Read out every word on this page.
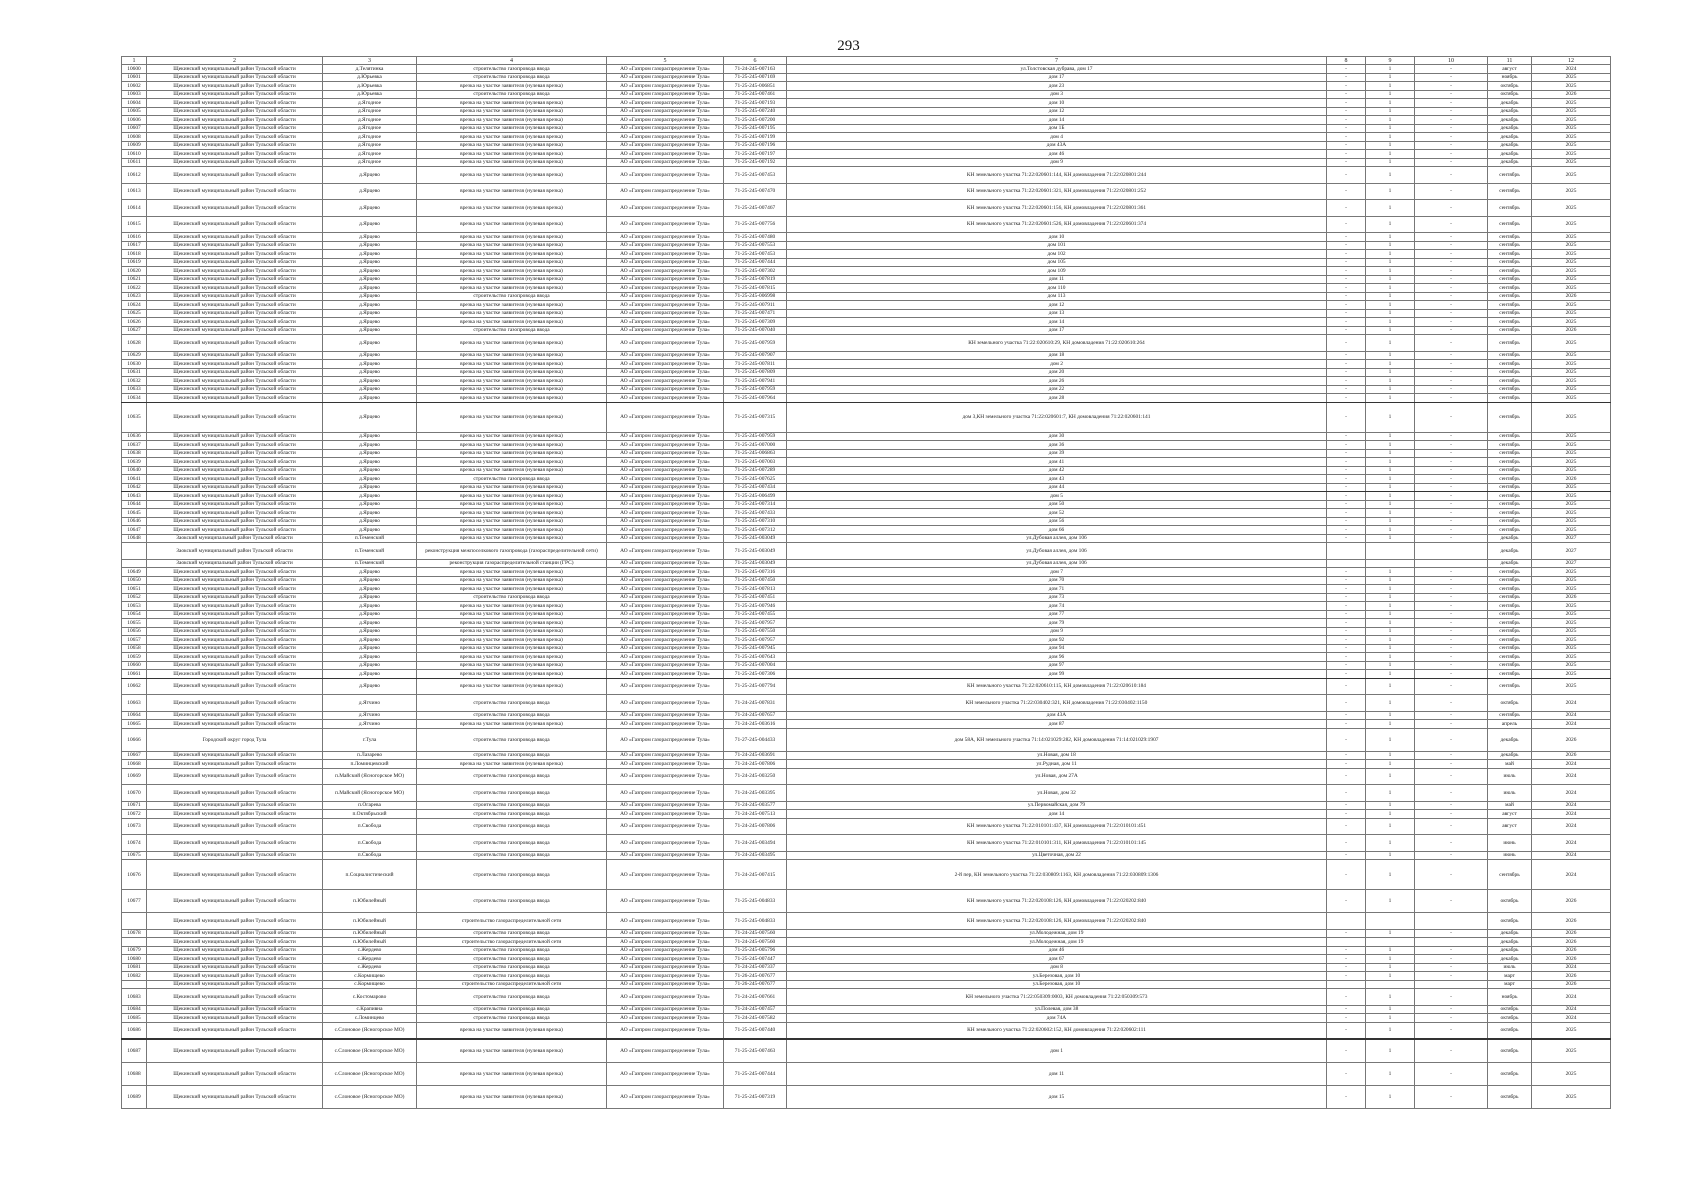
293
1	2	3	4	5	6	7	8	9	10	11	12
10600	Щекинский муниципальный район Тульской области	д.Телятинка	строительство газопровода ввода	АО «Газпром газораспределение Тула»	71-24-245-007163	ул.Толстовская дубрава, дом 17	-	1	-	август	2024
10601	Щекинский муниципальный район Тульской области	д.Юрьевка	строительство газопровода ввода	АО «Газпром газораспределение Тула»	71-25-245-007169	дом 17	-	1	-	ноябрь	2025
10602	Щекинский муниципальный район Тульской области	д.Юрьевка	врезка на участке заявителя (нулевая врезка)	АО «Газпром газораспределение Тула»	71-25-245-006851	дом 23	-	1	-	октябрь	2025
10603	Щекинский муниципальный район Тульской области	д.Юрьевка	строительство газопровода ввода	АО «Газпром газораспределение Тула»	71-25-245-007461	дом 3	-	1	-	октябрь	2026
10604	Щекинский муниципальный район Тульской области	д.Ягодное	врезка на участке заявителя (нулевая врезка)	АО «Газпром газораспределение Тула»	71-25-245-007193	дом 10	-	1	-	декабрь	2025
10605	Щекинский муниципальный район Тульской области	д.Ягодное	врезка на участке заявителя (нулевая врезка)	АО «Газпром газораспределение Тула»	71-25-245-007240	дом 12	-	1	-	декабрь	2025
10606	Щекинский муниципальный район Тульской области	д.Ягодное	врезка на участке заявителя (нулевая врезка)	АО «Газпром газораспределение Тула»	71-25-245-007200	дом 14	-	1	-	декабрь	2025
10607	Щекинский муниципальный район Тульской области	д.Ягодное	врезка на участке заявителя (нулевая врезка)	АО «Газпром газораспределение Тула»	71-25-245-007195	дом 1Б	-	1	-	декабрь	2025
10608	Щекинский муниципальный район Тульской области	д.Ягодное	врезка на участке заявителя (нулевая врезка)	АО «Газпром газораспределение Тула»	71-25-245-007199	дом 4	-	1	-	декабрь	2025
10609	Щекинский муниципальный район Тульской области	д.Ягодное	врезка на участке заявителя (нулевая врезка)	АО «Газпром газораспределение Тула»	71-25-245-007196	дом 43А	-	1	-	декабрь	2025
10610	Щекинский муниципальный район Тульской области	д.Ягодное	врезка на участке заявителя (нулевая врезка)	АО «Газпром газораспределение Тула»	71-25-245-007197	дом 46	-	1	-	декабрь	2025
10611	Щекинский муниципальный район Тульской области	д.Ягодное	врезка на участке заявителя (нулевая врезка)	АО «Газпром газораспределение Тула»	71-25-245-007192	дом 9	-	1	-	декабрь	2025
10612	Щекинский муниципальный район Тульской области	д.Ярцево	врезка на участке заявителя (нулевая врезка)	АО «Газпром газораспределение Тула»	71-25-245-007453	КН земельного участка 71:22:020601:144, КН домовладения 71:22:020801:244	-	1	-	сентябрь	2025
10613	Щекинский муниципальный район Тульской области	д.Ярцево	врезка на участке заявителя (нулевая врезка)	АО «Газпром газораспределение Тула»	71-25-245-007470	КН земельного участка 71:22:020601:321, КН домовладения 71:22:020801:252	-	1	-	сентябрь	2025
10614	Щекинский муниципальный район Тульской области	д.Ярцево	врезка на участке заявителя (нулевая врезка)	АО «Газпром газораспределение Тула»	71-25-245-007467	КН земельного участка 71:22:020601:156, КН домовладения 71:22:020801:361	-	1	-	сентябрь	2025
10615	Щекинский муниципальный район Тульской области	д.Ярцево	врезка на участке заявителя (нулевая врезка)	АО «Газпром газораспределение Тула»	71-25-245-007756	КН земельного участка 71:22:020601:526, КН домовладения 71:22:020601:374	-	1	-	сентябрь	2025
10616	Щекинский муниципальный район Тульской области	д.Ярцево	врезка на участке заявителя (нулевая врезка)	АО «Газпром газораспределение Тула»	71-25-245-007480	дом 10	-	1	-	сентябрь	2025
10617	Щекинский муниципальный район Тульской области	д.Ярцево	врезка на участке заявителя (нулевая врезка)	АО «Газпром газораспределение Тула»	71-25-245-007553	дом 101	-	1	-	сентябрь	2025
10618	Щекинский муниципальный район Тульской области	д.Ярцево	врезка на участке заявителя (нулевая врезка)	АО «Газпром газораспределение Тула»	71-25-245-007453	дом 102	-	1	-	сентябрь	2025
10619	Щекинский муниципальный район Тульской области	д.Ярцево	врезка на участке заявителя (нулевая врезка)	АО «Газпром газораспределение Тула»	71-25-245-007444	дом 105	-	1	-	сентябрь	2025
10620	Щекинский муниципальный район Тульской области	д.Ярцево	врезка на участке заявителя (нулевая врезка)	АО «Газпром газораспределение Тула»	71-25-245-007302	дом 109	-	1	-	сентябрь	2025
10621	Щекинский муниципальный район Тульской области	д.Ярцево	врезка на участке заявителя (нулевая врезка)	АО «Газпром газораспределение Тула»	71-25-245-007819	дом 11	-	1	-	сентябрь	2025
10622	Щекинский муниципальный район Тульской области	д.Ярцево	врезка на участке заявителя (нулевая врезка)	АО «Газпром газораспределение Тула»	71-25-245-007815	дом 110	-	1	-	сентябрь	2025
10623	Щекинский муниципальный район Тульской области	д.Ярцево	строительство газопровода ввода	АО «Газпром газораспределение Тула»	71-25-245-006998	дом 113	-	1	-	сентябрь	2026
10624	Щекинский муниципальный район Тульской области	д.Ярцево	врезка на участке заявителя (нулевая врезка)	АО «Газпром газораспределение Тула»	71-25-245-007911	дом 12	-	1	-	сентябрь	2025
10625	Щекинский муниципальный район Тульской области	д.Ярцево	врезка на участке заявителя (нулевая врезка)	АО «Газпром газораспределение Тула»	71-25-245-007471	дом 13	-	1	-	сентябрь	2025
10626	Щекинский муниципальный район Тульской области	д.Ярцево	врезка на участке заявителя (нулевая врезка)	АО «Газпром газораспределение Тула»	71-25-245-007309	дом 14	-	1	-	сентябрь	2025
10627	Щекинский муниципальный район Тульской области	д.Ярцево	строительство газопровода ввода	АО «Газпром газораспределение Тула»	71-25-245-007040	дом 17	-	1	-	сентябрь	2026
10628	Щекинский муниципальный район Тульской области	д.Ярцево	врезка на участке заявителя (нулевая врезка)	АО «Газпром газораспределение Тула»	71-25-245-007959	КН земельного участка 71:22:020610:29, КН домовладения 71:22:020610:264	-	1	-	сентябрь	2025
10629	Щекинский муниципальный район Тульской области	д.Ярцево	врезка на участке заявителя (нулевая врезка)	АО «Газпром газораспределение Тула»	71-25-245-007907	дом 18	-	1	-	сентябрь	2025
10630	Щекинский муниципальный район Тульской области	д.Ярцево	врезка на участке заявителя (нулевая врезка)	АО «Газпром газораспределение Тула»	71-25-245-007811	дом 2	-	1	-	сентябрь	2025
10631	Щекинский муниципальный район Тульской области	д.Ярцево	врезка на участке заявителя (нулевая врезка)	АО «Газпром газораспределение Тула»	71-25-245-007809	дом 20	-	1	-	сентябрь	2025
10632	Щекинский муниципальный район Тульской области	д.Ярцево	врезка на участке заявителя (нулевая врезка)	АО «Газпром газораспределение Тула»	71-25-245-007941	дом 26	-	1	-	сентябрь	2025
10633	Щекинский муниципальный район Тульской области	д.Ярцево	врезка на участке заявителя (нулевая врезка)	АО «Газпром газораспределение Тула»	71-25-245-007959	дом 22	-	1	-	сентябрь	2025
10634	Щекинский муниципальный район Тульской области	д.Ярцево	врезка на участке заявителя (нулевая врезка)	АО «Газпром газораспределение Тула»	71-25-245-007964	дом 28	-	1	-	сентябрь	2025
10635	Щекинский муниципальный район Тульской области	д.Ярцево	врезка на участке заявителя (нулевая врезка)	АО «Газпром газораспределение Тула»	71-25-245-007315	дом 3,КН земельного участка 71:22:020601:7, КН домовладения 71:22:020601:141	-	1	-	сентябрь	2025
10636	Щекинский муниципальный район Тульской области	д.Ярцево	врезка на участке заявителя (нулевая врезка)	АО «Газпром газораспределение Тула»	71-25-245-007959	дом 30	-	1	-	сентябрь	2025
10637	Щекинский муниципальный район Тульской области	д.Ярцево	врезка на участке заявителя (нулевая врезка)	АО «Газпром газораспределение Тула»	71-25-245-007000	дом 36	-	1	-	сентябрь	2025
10638	Щекинский муниципальный район Тульской области	д.Ярцево	врезка на участке заявителя (нулевая врезка)	АО «Газпром газораспределение Тула»	71-25-245-006863	дом 39	-	1	-	сентябрь	2025
10639	Щекинский муниципальный район Тульской области	д.Ярцево	врезка на участке заявителя (нулевая врезка)	АО «Газпром газораспределение Тула»	71-25-245-007003	дом 41	-	1	-	сентябрь	2025
10640	Щекинский муниципальный район Тульской области	д.Ярцево	врезка на участке заявителя (нулевая врезка)	АО «Газпром газораспределение Тула»	71-25-245-007289	дом 42	-	1	-	сентябрь	2025
10641	Щекинский муниципальный район Тульской области	д.Ярцево	строительство газопровода ввода	АО «Газпром газораспределение Тула»	71-25-245-007625	дом 43	-	1	-	сентябрь	2026
10642	Щекинский муниципальный район Тульской области	д.Ярцево	врезка на участке заявителя (нулевая врезка)	АО «Газпром газораспределение Тула»	71-25-245-007434	дом 44	-	1	-	сентябрь	2025
10643	Щекинский муниципальный район Тульской области	д.Ярцево	врезка на участке заявителя (нулевая врезка)	АО «Газпром газораспределение Тула»	71-25-245-006499	дом 5	-	1	-	сентябрь	2025
10644	Щекинский муниципальный район Тульской области	д.Ярцево	врезка на участке заявителя (нулевая врезка)	АО «Газпром газораспределение Тула»	71-25-245-007314	дом 50	-	1	-	сентябрь	2025
10645	Щекинский муниципальный район Тульской области	д.Ярцево	врезка на участке заявителя (нулевая врезка)	АО «Газпром газораспределение Тула»	71-25-245-007433	дом 52	-	1	-	сентябрь	2025
10646	Щекинский муниципальный район Тульской области	д.Ярцево	врезка на участке заявителя (нулевая врезка)	АО «Газпром газораспределение Тула»	71-25-245-007310	дом 56	-	1	-	сентябрь	2025
10647	Щекинский муниципальный район Тульской области	д.Ярцево	врезка на участке заявителя (нулевая врезка)	АО «Газпром газораспределение Тула»	71-25-245-007312	дом 66	-	1	-	сентябрь	2025
10648	Заокский муниципальный район Тульской области	п.Теменский	врезка на участке заявителя (нулевая врезка)	АО «Газпром газораспределение Тула»	71-25-245-003049	ул.Дубовая аллея, дом 106	-	1	-	декабрь	2027
	Заокский муниципальный район Тульской области	п.Теменский	реконструкция межпоселкового газопровода (газораспределительной сети)	АО «Газпром газораспределение Тула»	71-25-245-003049	ул.Дубовая аллея, дом 106				декабрь	2027
	Заокский муниципальный район Тульской области	п.Теменский	реконструкция газораспределительной станции (ГРС)	АО «Газпром газораспределение Тула»	71-25-245-003049	ул.Дубовая аллея, дом 106				декабрь	2027
10649	Щекинский муниципальный район Тульской области	д.Ярцево	врезка на участке заявителя (нулевая врезка)	АО «Газпром газораспределение Тула»	71-25-245-007316	дом 7	-	1	-	сентябрь	2025
10650	Щекинский муниципальный район Тульской области	д.Ярцево	врезка на участке заявителя (нулевая врезка)	АО «Газпром газораспределение Тула»	71-25-245-007450	дом 70	-	1	-	сентябрь	2025
10651	Щекинский муниципальный район Тульской области	д.Ярцево	врезка на участке заявителя (нулевая врезка)	АО «Газпром газораспределение Тула»	71-25-245-007813	дом 71	-	1	-	сентябрь	2025
10652	Щекинский муниципальный район Тульской области	д.Ярцево	строительство газопровода ввода	АО «Газпром газораспределение Тула»	71-25-245-007451	дом 73	-	1	-	сентябрь	2026
10653	Щекинский муниципальный район Тульской области	д.Ярцево	врезка на участке заявителя (нулевая врезка)	АО «Газпром газораспределение Тула»	71-25-245-007946	дом 74	-	1	-	сентябрь	2025
10654	Щекинский муниципальный район Тульской области	д.Ярцево	врезка на участке заявителя (нулевая врезка)	АО «Газпром газораспределение Тула»	71-25-245-007455	дом 77	-	1	-	сентябрь	2025
10655	Щекинский муниципальный район Тульской области	д.Ярцево	врезка на участке заявителя (нулевая врезка)	АО «Газпром газораспределение Тула»	71-25-245-007957	дом 79	-	1	-	сентябрь	2025
10656	Щекинский муниципальный район Тульской области	д.Ярцево	врезка на участке заявителя (нулевая врезка)	АО «Газпром газораспределение Тула»	71-25-245-007550	дом 9	-	1	-	сентябрь	2025
10657	Щекинский муниципальный район Тульской области	д.Ярцево	врезка на участке заявителя (нулевая врезка)	АО «Газпром газораспределение Тула»	71-25-245-007957	дом 92	-	1	-	сентябрь	2025
10658	Щекинский муниципальный район Тульской области	д.Ярцево	врезка на участке заявителя (нулевая врезка)	АО «Газпром газораспределение Тула»	71-25-245-007945	дом 94	-	1	-	сентябрь	2025
10659	Щекинский муниципальный район Тульской области	д.Ярцево	врезка на участке заявителя (нулевая врезка)	АО «Газпром газораспределение Тула»	71-25-245-007643	дом 96	-	1	-	сентябрь	2025
10660	Щекинский муниципальный район Тульской области	д.Ярцево	врезка на участке заявителя (нулевая врезка)	АО «Газпром газораспределение Тула»	71-25-245-007004	дом 97	-	1	-	сентябрь	2025
10661	Щекинский муниципальный район Тульской области	д.Ярцево	врезка на участке заявителя (нулевая врезка)	АО «Газпром газораспределение Тула»	71-25-245-007306	дом 99	-	1	-	сентябрь	2025
10662	Щекинский муниципальный район Тульской области	д.Ярцево	врезка на участке заявителя (нулевая врезка)	АО «Газпром газораспределение Тула»	71-25-245-007794	КН земельного участка 71:22:020610:115, КН домовладения 71:22:020610:184	-	1	-	сентябрь	2025
10663	Щекинский муниципальный район Тульской области	д.Ятчино	строительство газопровода ввода	АО «Газпром газораспределение Тула»	71-24-245-007831	КН земельного участка 71:22:030402:321, КН домовладения 71:22:030402:1150	-	1	-	октябрь	2024
10664	Щекинский муниципальный район Тульской области	д.Ятчино	строительство газопровода ввода	АО «Газпром газораспределение Тула»	71-24-245-007657	дом 43А	-	1	-	сентябрь	2024
10665	Щекинский муниципальный район Тульской области	д.Ятчино	врезка на участке заявителя (нулевая врезка)	АО «Газпром газораспределение Тула»	71-24-245-003616	дом 87	-	1	-	апрель	2024
10666	Городской округ город Тула	г.Тула	строительство газопровода ввода	АО «Газпром газораспределение Тула»	71-27-245-004433	дом 58А, КН земельного участка 71:14:021029:282, КН домовладения 71:14:021029:1907	-	1	-	декабрь	2026
10667	Щекинский муниципальный район Тульской области	п.Лазарево	строительство газопровода ввода	АО «Газпром газораспределение Тула»	71-24-245-003691	ул.Новая, дом 18	-	1	-	декабрь	2026
10668	Щекинский муниципальный район Тульской области	п.Ломинцевский	врезка на участке заявителя (нулевая врезка)	АО «Газпром газораспределение Тула»	71-24-245-007806	ул.Рудная, дом 11	-	1	-	май	2024
10669	Щекинский муниципальный район Тульской области	п.Майский (Ясногорское МО)	строительство газопровода ввода	АО «Газпром газораспределение Тула»	71-24-245-003250	ул.Новая, дом 27А	-	1	-	июль	2024
10670	Щекинский муниципальный район Тульской области	п.Майский (Ясногорское МО)	строительство газопровода ввода	АО «Газпром газораспределение Тула»	71-24-245-003395	ул.Новая, дом 32	-	1	-	июль	2024
10671	Щекинский муниципальный район Тульской области	п.Огарева	строительство газопровода ввода	АО «Газпром газораспределение Тула»	71-24-245-003577	ул.Первомайская, дом 79	-	1	-	май	2024
10672	Щекинский муниципальный район Тульской области	п.Октябрьский	строительство газопровода ввода	АО «Газпром газораспределение Тула»	71-24-245-007513	дом 14	-	1	-	август	2024
10673	Щекинский муниципальный район Тульской области	п.Свобода	строительство газопровода ввода	АО «Газпром газораспределение Тула»	71-24-245-007806	КН земельного участка 71:22:010101:437, КН домовладения 71:22:010101:451	-	1	-	август	2024
10674	Щекинский муниципальный район Тульской области	п.Свобода	строительство газопровода ввода	АО «Газпром газораспределение Тула»	71-24-245-003494	КН земельного участка 71:22:010101:311, КН домовладения 71:22:010101:145	-	1	-	июнь	2024
10675	Щекинский муниципальный район Тульской области	п.Свобода	строительство газопровода ввода	АО «Газпром газораспределение Тула»	71-24-245-003495	ул.Цветочная, дом 22	-	1	-	июнь	2024
10676	Щекинский муниципальный район Тульской области	п.Социалистический	строительство газопровода ввода	АО «Газпром газораспределение Тула»	71-24-245-007415	2-й пер, КН земельного участка 71:22:030809:1163, КН домовладения 71:22:030809:1306	-	1	-	сентябрь	2024
10677	Щекинский муниципальный район Тульской области	п.Юбилейный	строительство газопровода ввода	АО «Газпром газораспределение Тула»	71-25-245-004833	КН земельного участка 71:22:020108:126, КН домовладения 71:22:020202:840	-	1	-	октябрь	2026
	Щекинский муниципальный район Тульской области	п.Юбилейный	строительство газораспределительной сети	АО «Газпром газораспределение Тула»	71-25-245-004833	КН земельного участка 71:22:020108:126, КН домовладения 71:22:020202:840				октябрь	2026
10678	Щекинский муниципальный район Тульской области	п.Юбилейный	строительство газопровода ввода	АО «Газпром газораспределение Тула»	71-24-245-007560	ул.Молодежная, дом 19	-	1	-	декабрь	2026
	Щекинский муниципальный район Тульской области	п.Юбилейный	строительство газораспределительной сети	АО «Газпром газораспределение Тула»	71-24-245-007560	ул.Молодежная, дом 19				декабрь	2026
10679	Щекинский муниципальный район Тульской области	с.Жердево	строительство газопровода ввода	АО «Газпром газораспределение Тула»	71-25-245-005796	дом 46	-	1	-	декабрь	2026
10680	Щекинский муниципальный район Тульской области	с.Жердево	строительство газопровода ввода	АО «Газпром газораспределение Тула»	71-25-245-007447	дом 67	-	1	-	декабрь	2026
10681	Щекинский муниципальный район Тульской области	с.Жердево	строительство газопровода ввода	АО «Газпром газораспределение Тула»	71-24-245-007337	дом 8	-	1	-	июль	2024
10682	Щекинский муниципальный район Тульской области	с.Кормищево	строительство газопровода ввода	АО «Газпром газораспределение Тула»	71-26-245-007677	ул.Березовая, дом 10	-	1	-	март	2026
	Щекинский муниципальный район Тульской области	с.Кормищево	строительство газораспределительной сети	АО «Газпром газораспределение Тула»	71-26-245-007677	ул.Березовая, дом 10				март	2026
10683	Щекинский муниципальный район Тульской области	с.Костомарово	строительство газопровода ввода	АО «Газпром газораспределение Тула»	71-24-245-007661	КН земельного участка 71:22:050309:0003, КН домовладения 71:22:050309:573	-	1	-	ноябрь	2024
10684	Щекинский муниципальный район Тульской области	с.Крапивна	строительство газопровода ввода	АО «Газпром газораспределение Тула»	71-24-245-007457	ул.Полевая, дом 38	-	1	-	октябрь	2024
10685	Щекинский муниципальный район Тульской области	с.Ломинцево	строительство газопровода ввода	АО «Газпром газораспределение Тула»	71-24-245-007582	дом 74А	-	1	-	октябрь	2024
10686	Щекинский муниципальный район Тульской области	с.Слоновое (Ясногорское МО)	врезка на участке заявителя (нулевая врезка)	АО «Газпром газораспределение Тула»	71-25-245-007440	КН земельного участка 71:22:020602:152, КН домовладения 71:22:020602:111	-	1	-	октябрь	2025
10687	Щекинский муниципальный район Тульской области	с.Слоновое (Ясногорское МО)	врезка на участке заявителя (нулевая врезка)	АО «Газпром газораспределение Тула»	71-25-245-007463	дом 1	-	1	-	октябрь	2025
10688	Щекинский муниципальный район Тульской области	с.Слоновое (Ясногорское МО)	врезка на участке заявителя (нулевая врезка)	АО «Газпром газораспределение Тула»	71-25-245-007444	дом 11	-	1	-	октябрь	2025
10689	Щекинский муниципальный район Тульской области	с.Слоновое (Ясногорское МО)	врезка на участке заявителя (нулевая врезка)	АО «Газпром газораспределение Тула»	71-25-245-007319	дом 15	-	1	-	октябрь	2025
